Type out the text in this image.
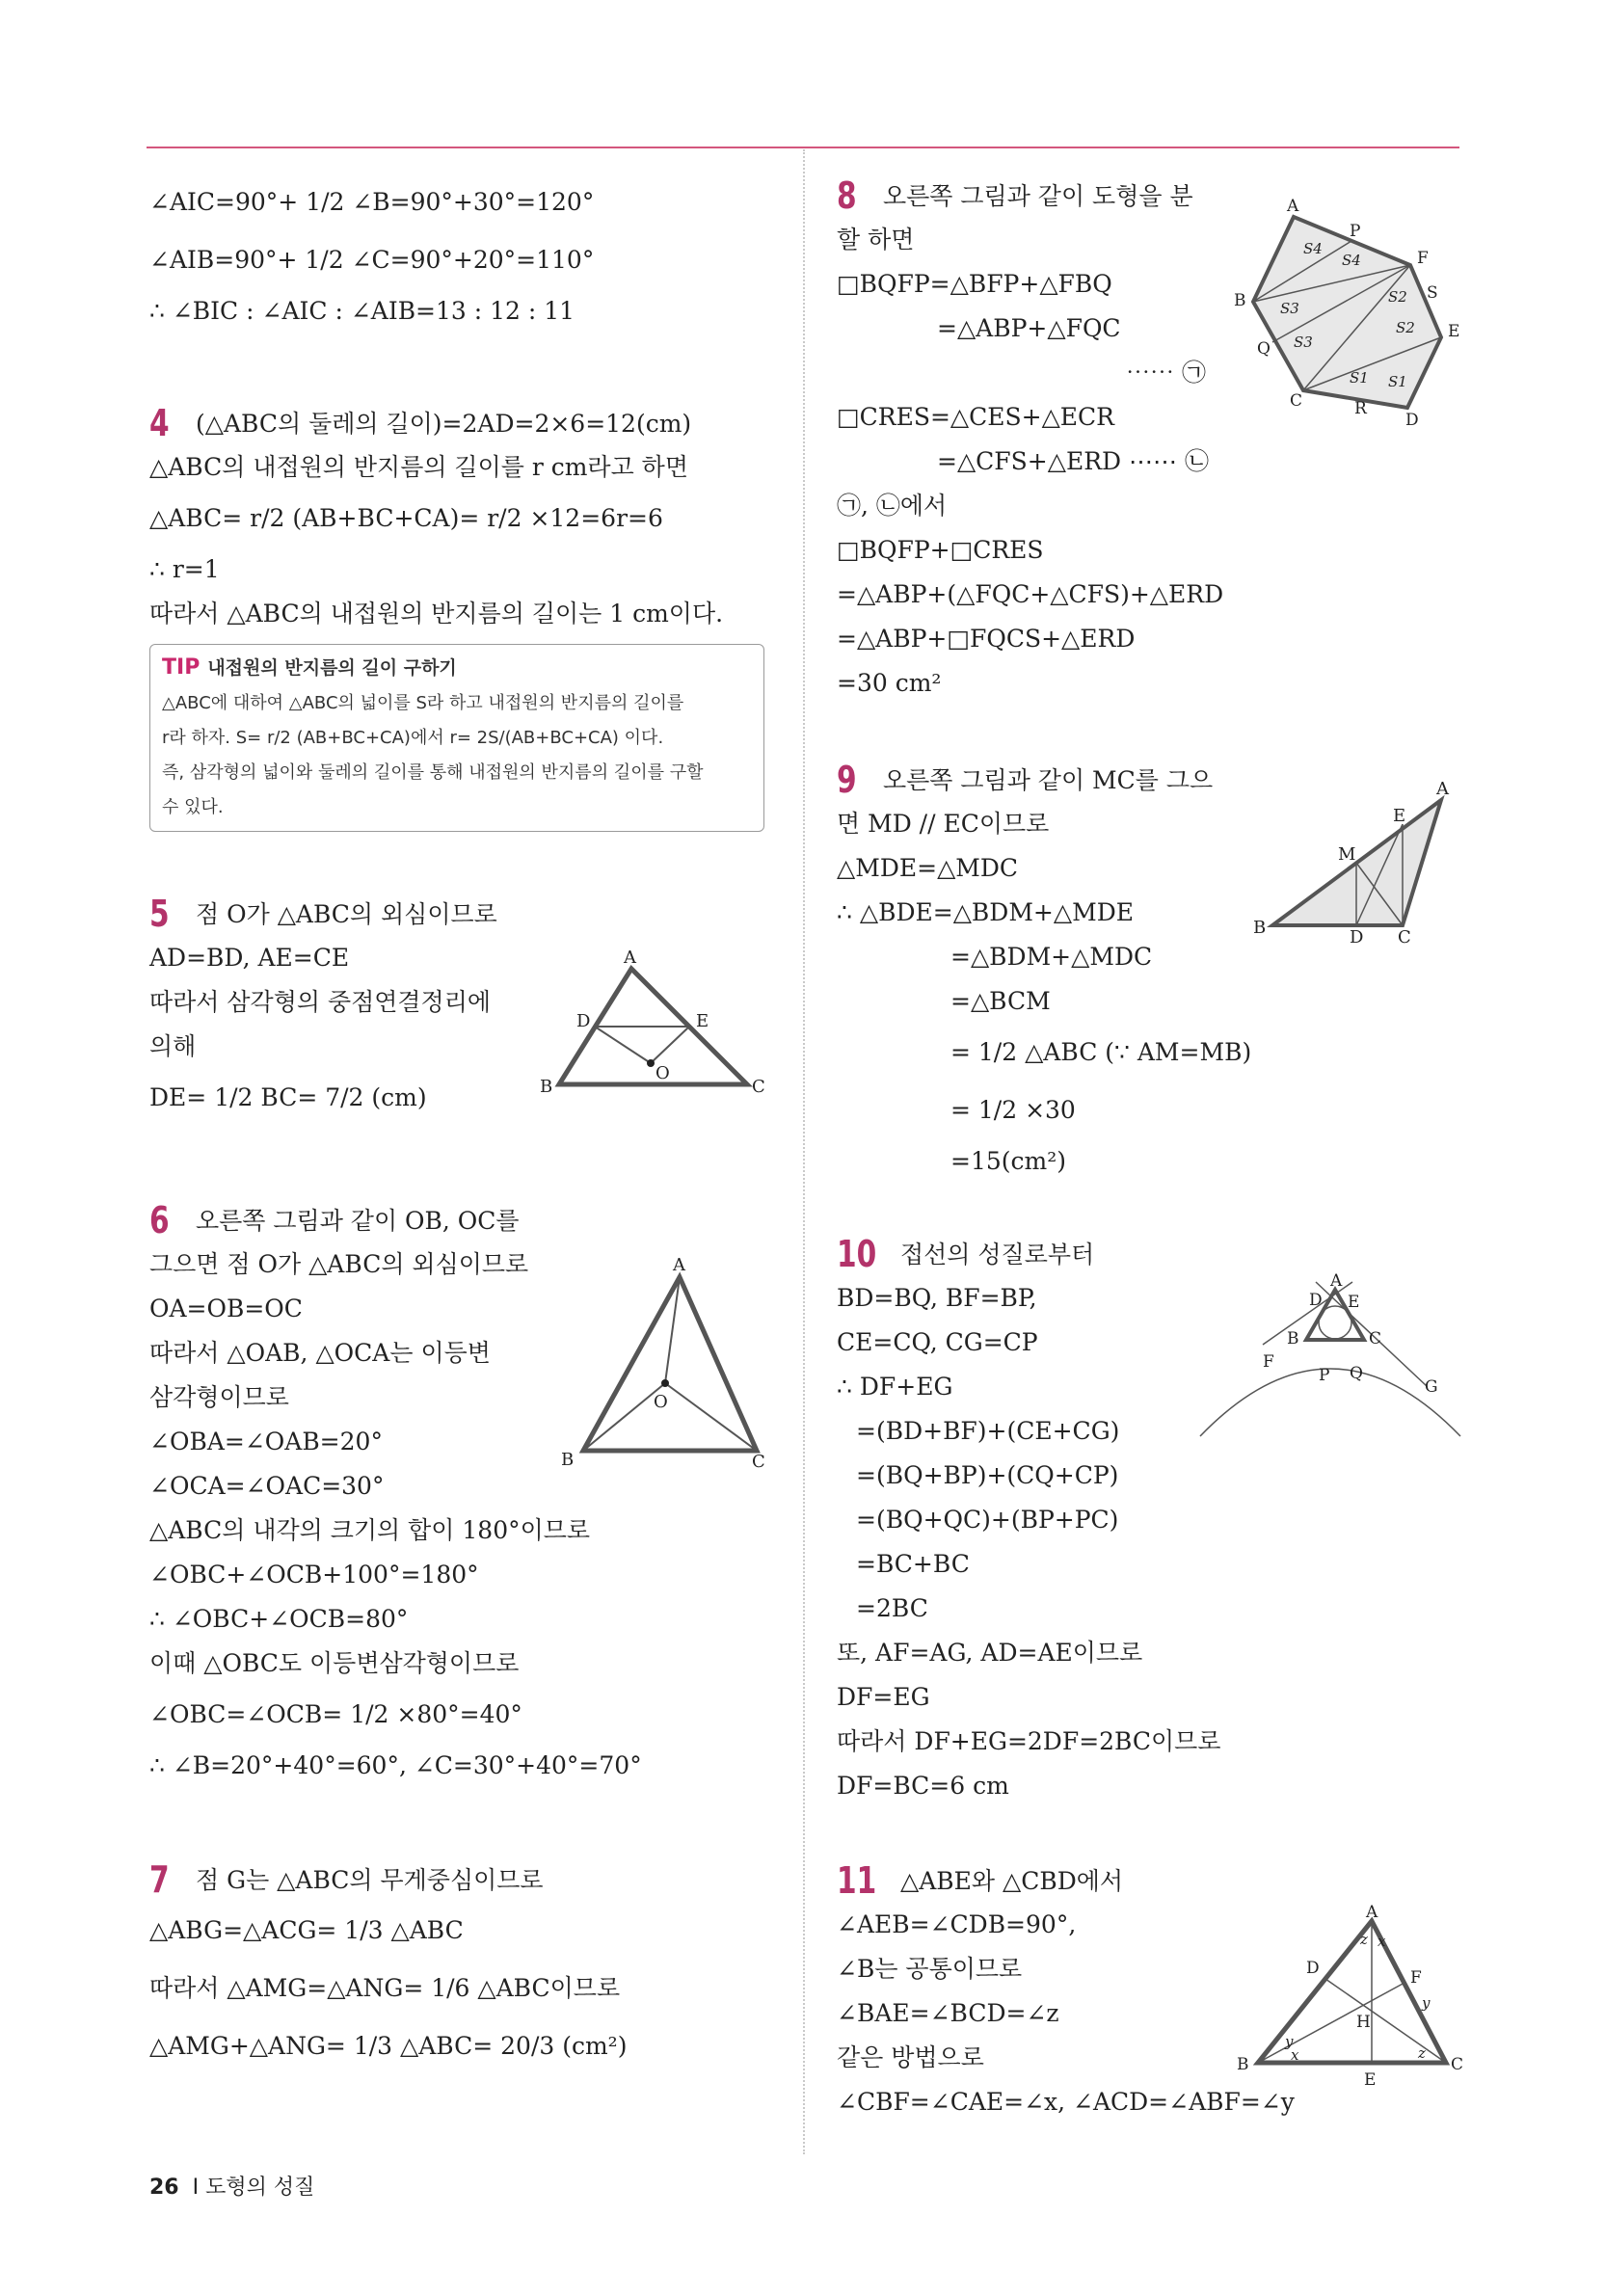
∠AIC=90°+ 1/2 ∠B=90°+30°=120°
∠AIB=90°+ 1/2 ∠C=90°+20°=110°
∴ ∠BIC : ∠AIC : ∠AIB=13 : 12 : 11
4 (△ABC의 둘레의 길이)=2AD=2×6=12(cm)
△ABC의 내접원의 반지름의 길이를 r cm라고 하면
△ABC= r/2 (AB+BC+CA)= r/2 ×12=6r=6
∴ r=1
따라서 △ABC의 내접원의 반지름의 길이는 1 cm이다.
TIP 내접원의 반지름의 길이 구하기
△ABC에 대하여 △ABC의 넓이를 S라 하고 내접원의 반지름의 길이를
r라 하자. S= r/2 (AB+BC+CA)에서 r= 2S/(AB+BC+CA) 이다.
즉, 삼각형의 넓이와 둘레의 길이를 통해 내접원의 반지름의 길이를 구할
수 있다.
5 점 O가 △ABC의 외심이므로
AD=BD, AE=CE
따라서 삼각형의 중점연결정리에
의해
DE= 1/2 BC= 7/2 (cm)
6 오른쪽 그림과 같이 OB, OC를
그으면 점 O가 △ABC의 외심이므로
OA=OB=OC
따라서 △OAB, △OCA는 이등변
삼각형이므로
∠OBA=∠OAB=20°
∠OCA=∠OAC=30°
△ABC의 내각의 크기의 합이 180°이므로
∠OBC+∠OCB+100°=180°
∴ ∠OBC+∠OCB=80°
이때 △OBC도 이등변삼각형이므로
∠OBC=∠OCB= 1/2 ×80°=40°
∴ ∠B=20°+40°=60°, ∠C=30°+40°=70°
7 점 G는 △ABC의 무게중심이므로
△ABG=△ACG= 1/3 △ABC
따라서 △AMG=△ANG= 1/6 △ABC이므로
△AMG+△ANG= 1/3 △ABC= 20/3 (cm²)
8 오른쪽 그림과 같이 도형을 분
할 하면
□BQFP=△BFP+△FBQ
=△ABP+△FQC
⋯⋯ ㉠
□CRES=△CES+△ECR
=△CFS+△ERD ⋯⋯ ㉡
㉠, ㉡에서
□BQFP+□CRES
=△ABP+(△FQC+△CFS)+△ERD
=△ABP+□FQCS+△ERD
=30 cm²
9 오른쪽 그림과 같이 MC를 그으
면 MD // EC이므로
△MDE=△MDC
∴ △BDE=△BDM+△MDE
=△BDM+△MDC
=△BCM
= 1/2 △ABC (∵ AM=MB)
= 1/2 ×30
=15(cm²)
10 접선의 성질로부터
BD=BQ, BF=BP,
CE=CQ, CG=CP
∴ DF+EG
=(BD+BF)+(CE+CG)
=(BQ+BP)+(CQ+CP)
=(BQ+QC)+(BP+PC)
=BC+BC
=2BC
또, AF=AG, AD=AE이므로
DF=EG
따라서 DF+EG=2DF=2BC이므로
DF=BC=6 cm
11 △ABE와 △CBD에서
∠AEB=∠CDB=90°,
∠B는 공통이므로
∠BAE=∠BCD=∠z
같은 방법으로
∠CBF=∠CAE=∠x, ∠ACD=∠ABF=∠y
A
B	C
D	E
O
A
B	C
O
A
P
F
S
E
D
R
C
Q
B
S4
S4
S3
S3
S2
S2
S1 S1
A
E
M
B	D C
A
D E
B	C
F
P Q
G
A
D	F
H
B
E
C
z x
y
y
x	z
26 Ⅰ 도형의 성질
